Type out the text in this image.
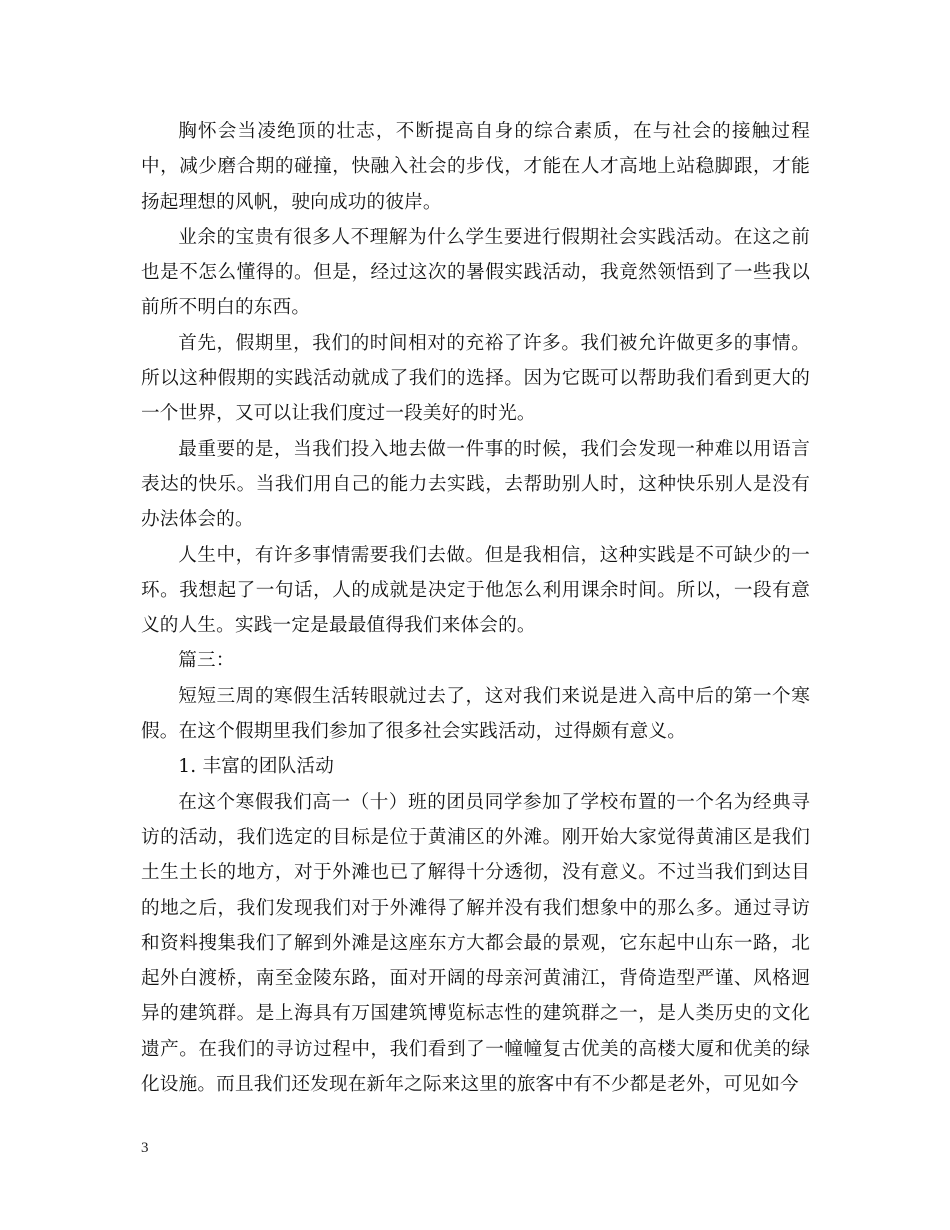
胸怀会当凌绝顶的壮志，不断提高自身的综合素质，在与社会的接触过程中，减少磨合期的碰撞，快融入社会的步伐，才能在人才高地上站稳脚跟，才能扬起理想的风帆，驶向成功的彼岸。

业余的宝贵有很多人不理解为什么学生要进行假期社会实践活动。在这之前也是不怎么懂得的。但是，经过这次的暑假实践活动，我竟然领悟到了一些我以前所不明白的东西。

首先，假期里，我们的时间相对的充裕了许多。我们被允许做更多的事情。所以这种假期的实践活动就成了我们的选择。因为它既可以帮助我们看到更大的一个世界，又可以让我们度过一段美好的时光。

最重要的是，当我们投入地去做一件事的时候，我们会发现一种难以用语言表达的快乐。当我们用自己的能力去实践，去帮助别人时，这种快乐别人是没有办法体会的。

人生中，有许多事情需要我们去做。但是我相信，这种实践是不可缺少的一环。我想起了一句话，人的成就是决定于他怎么利用课余时间。所以，一段有意义的人生。实践一定是最最值得我们来体会的。

篇三：

短短三周的寒假生活转眼就过去了，这对我们来说是进入高中后的第一个寒假。在这个假期里我们参加了很多社会实践活动，过得颇有意义。

1. 丰富的团队活动

在这个寒假我们高一（十）班的团员同学参加了学校布置的一个名为经典寻访的活动，我们选定的目标是位于黄浦区的外滩。刚开始大家觉得黄浦区是我们土生土长的地方，对于外滩也已了解得十分透彻，没有意义。不过当我们到达目的地之后，我们发现我们对于外滩得了解并没有我们想象中的那么多。通过寻访和资料搜集我们了解到外滩是这座东方大都会最的景观，它东起中山东一路，北起外白渡桥，南至金陵东路，面对开阔的母亲河黄浦江，背倚造型严谨、风格迥异的建筑群。是上海具有万国建筑博览标志性的建筑群之一，是人类历史的文化遗产。在我们的寻访过程中，我们看到了一幢幢复古优美的高楼大厦和优美的绿化设施。而且我们还发现在新年之际来这里的旅客中有不少都是老外，可见如今

3
